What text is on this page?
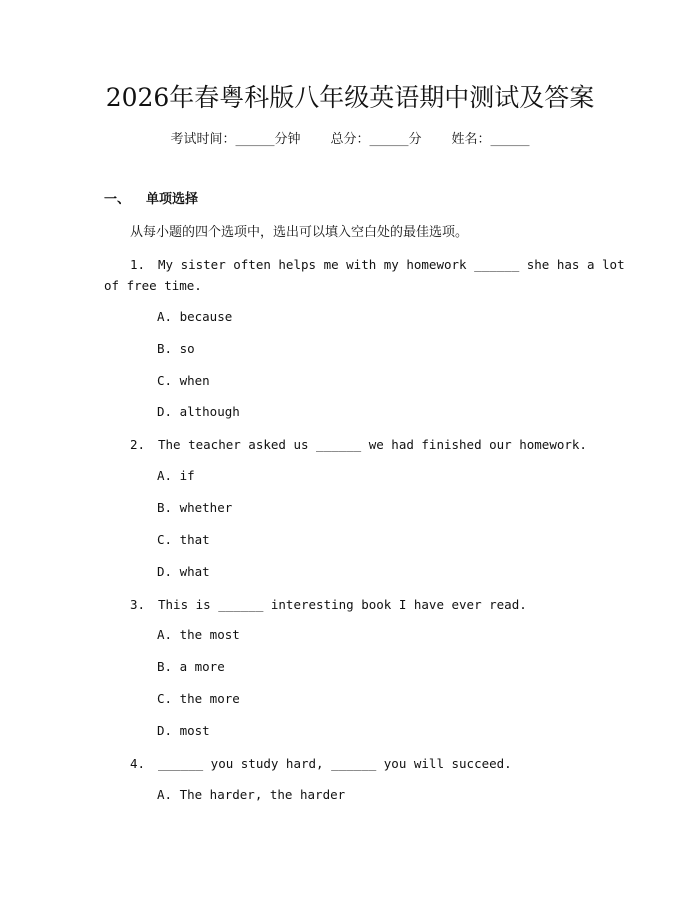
2026年春粤科版八年级英语期中测试及答案
考试时间：______分钟 总分：______分 姓名：______
一、 单项选择
从每小题的四个选项中，选出可以填入空白处的最佳选项。
1. My sister often helps me with my homework ______ she has a lot
of free time.
A. because
B. so
C. when
D. although
2. The teacher asked us ______ we had finished our homework.
A. if
B. whether
C. that
D. what
3. This is ______ interesting book I have ever read.
A. the most
B. a more
C. the more
D. most
4. ______ you study hard, ______ you will succeed.
A. The harder, the harder
